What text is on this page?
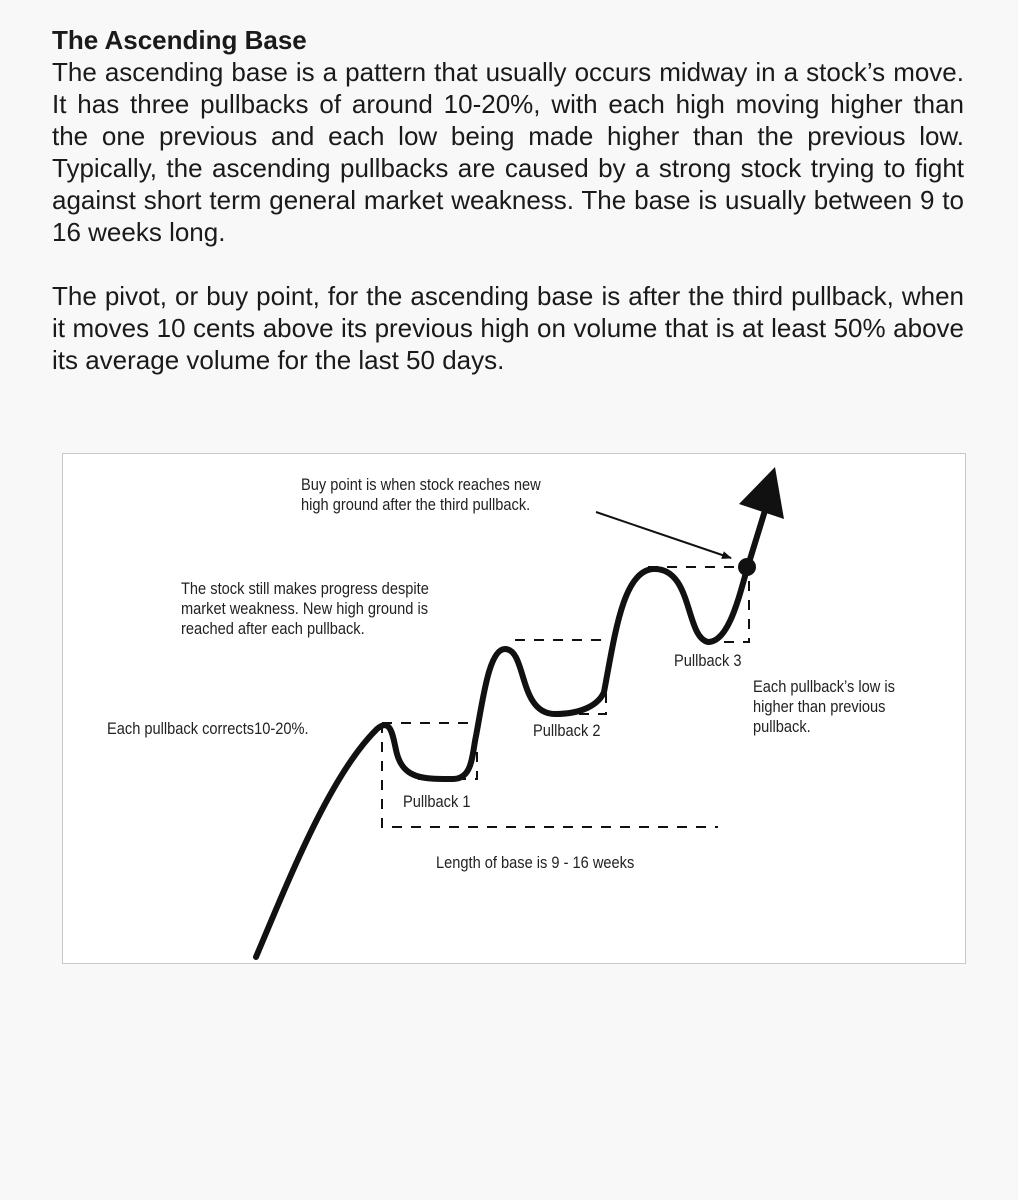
The Ascending Base

The ascending base is a pattern that usually occurs midway in a stock’s move. It has three pullbacks of around 10-20%, with each high moving higher than the one previous and each low being made higher than the previous low. Typically, the ascending pullbacks are caused by a strong stock trying to fight against short term general market weakness. The base is usually between 9 to 16 weeks long.

The pivot, or buy point, for the ascending base is after the third pullback, when it moves 10 cents above its previous high on volume that is at least 50% above its average volume for the last 50 days.

Buy point is when stock reaches new
high ground after the third pullback.
The stock still makes progress despite
market weakness. New high ground is
reached after each pullback.
Each pullback corrects10-20%.
Each pullback’s low is
higher than previous
pullback.
Length of base is 9 - 16 weeks
Pullback 1
Pullback 2
Pullback 3
